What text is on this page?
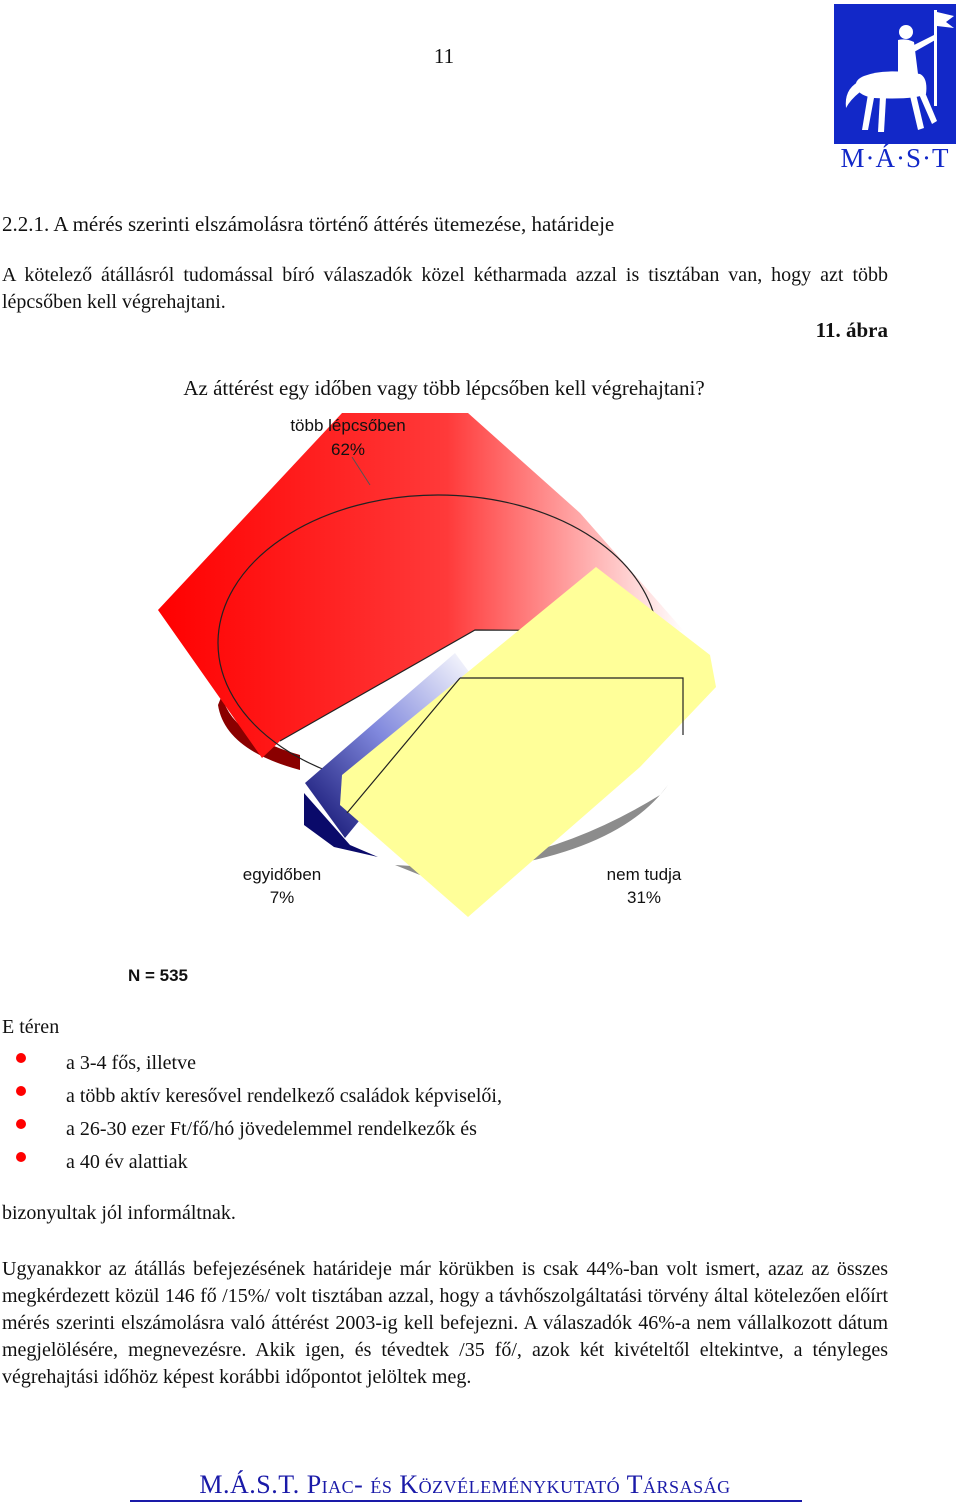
11
M·Á·S·T
2.2.1. A mérés szerinti elszámolásra történő áttérés ütemezése, határideje

A kötelező átállásról tudomással bíró válaszadók közel kétharmada azzal is tisztában van, hogy azt több lépcsőben kell végrehajtani.

11. ábra
Az áttérést egy időben vagy több lépcsőben kell végrehajtani?
több lépcsőben
62%
egyidőben
7%
nem tudja
31%
N = 535
E téren
a 3-4 fős, illetve
a több aktív keresővel rendelkező családok képviselői,
a 26-30 ezer Ft/fő/hó jövedelemmel rendelkezők és
a 40 év alattiak
bizonyultak jól informáltnak.

Ugyanakkor az átállás befejezésének határideje már körükben is csak 44%-ban volt ismert, azaz az összes megkérdezett közül 146 fő /15%/ volt tisztában azzal, hogy a távhőszolgáltatási törvény által kötelezően előírt mérés szerinti elszámolásra való áttérést 2003-ig kell befejezni. A válaszadók 46%-a nem vállalkozott dátum megjelölésére, megnevezésre. Akik igen, és tévedtek /35 fő/, azok két kivételtől eltekintve, a tényleges végrehajtási időhöz képest korábbi időpontot jelöltek meg.

M.Á.S.T. Piac- és Közvéleménykutató Társaság
